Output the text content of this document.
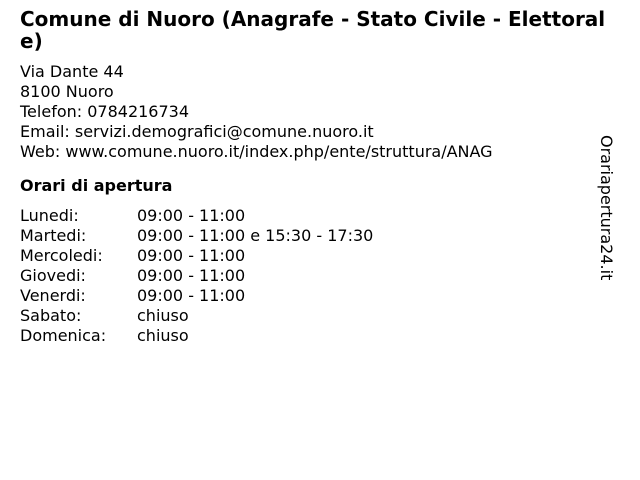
Comune di Nuoro (Anagrafe - Stato Civile - Elettorale)
Via Dante 44
8100 Nuoro
Telefon: 0784216734
Email: servizi.demografici@comune.nuoro.it
Web: www.comune.nuoro.it/index.php/ente/struttura/ANAG
Orari di apertura
Lunedi:	09:00 - 11:00
Martedi:	09:00 - 11:00 e 15:30 - 17:30
Mercoledi:	09:00 - 11:00
Giovedi:	09:00 - 11:00
Venerdi:	09:00 - 11:00
Sabato:	chiuso
Domenica:	chiuso
Orariapertura24.it
